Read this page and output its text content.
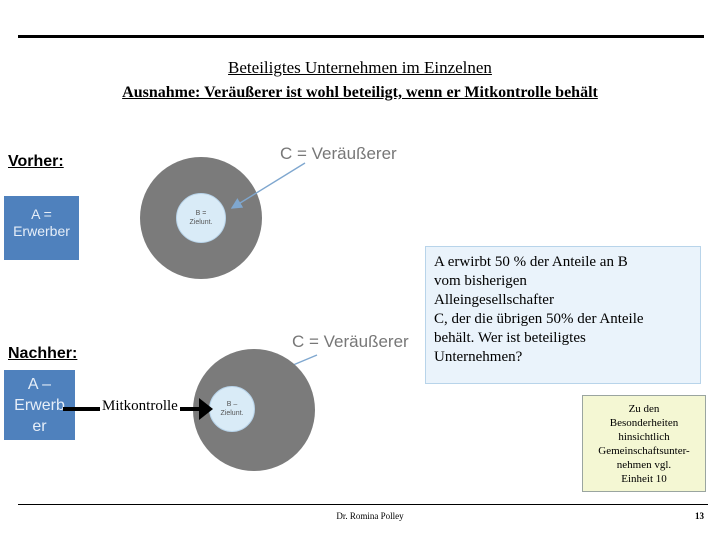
Beteiligtes Unternehmen im Einzelnen
Ausnahme: Veräußerer ist wohl beteiligt, wenn er Mitkontrolle behält
Vorher:
A =
Erwerber
B =
Zielunt.
C = Veräußerer
Nachher:
A –
Erwerb
er
B –
Zielunt.
C = Veräußerer
Mitkontrolle
A erwirbt 50 % der Anteile an B
vom bisherigen
Alleingesellschafter
C, der die übrigen 50% der Anteile
behält. Wer ist beteiligtes
Unternehmen?
Zu den
Besonderheiten
hinsichtlich
Gemeinschaftsunter-
nehmen vgl.
Einheit 10
Dr. Romina Polley	13
